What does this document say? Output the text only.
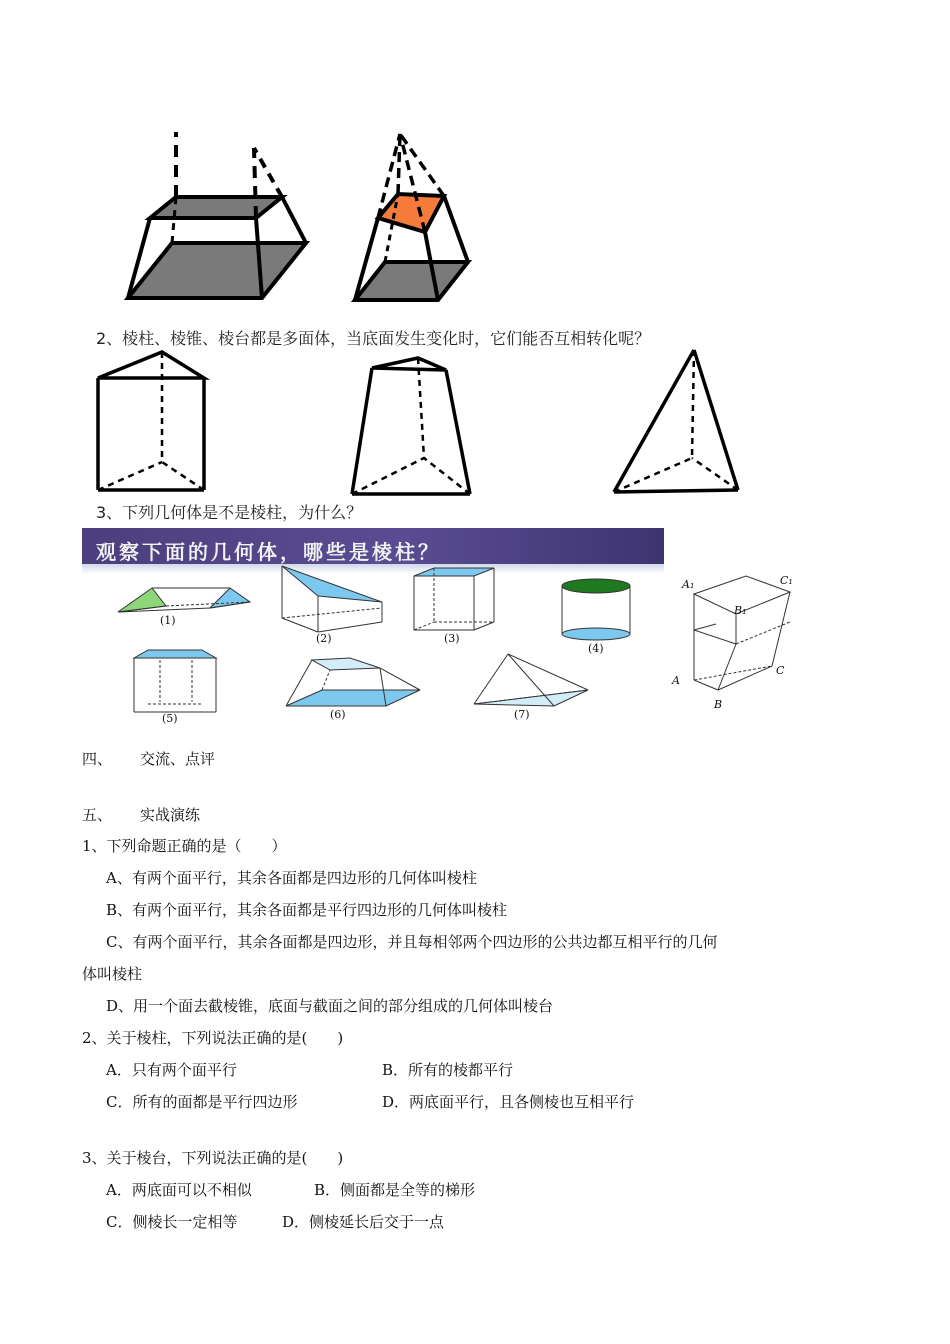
2、棱柱、棱锥、棱台都是多面体，当底面发生变化时，它们能否互相转化呢？
3、下列几何体是不是棱柱，为什么？
观察下面的几何体，哪些是棱柱？
(1)
(2)	(3)
(4)
(5)	(6)	(7)
A₁	C₁
B₁
A
B
C
四、 交流、点评
五、 实战演练
1、下列命题正确的是（　　）
A、有两个面平行，其余各面都是四边形的几何体叫棱柱
B、有两个面平行，其余各面都是平行四边形的几何体叫棱柱
C、有两个面平行，其余各面都是四边形，并且每相邻两个四边形的公共边都互相平行的几何
体叫棱柱
D、用一个面去截棱锥，底面与截面之间的部分组成的几何体叫棱台
2、关于棱柱，下列说法正确的是(　　)
A．只有两个面平行	B．所有的棱都平行
C．所有的面都是平行四边形	D．两底面平行，且各侧棱也互相平行
3、关于棱台，下列说法正确的是(　　)
A．两底面可以不相似	B．侧面都是全等的梯形
C．侧棱长一定相等	D．侧棱延长后交于一点
